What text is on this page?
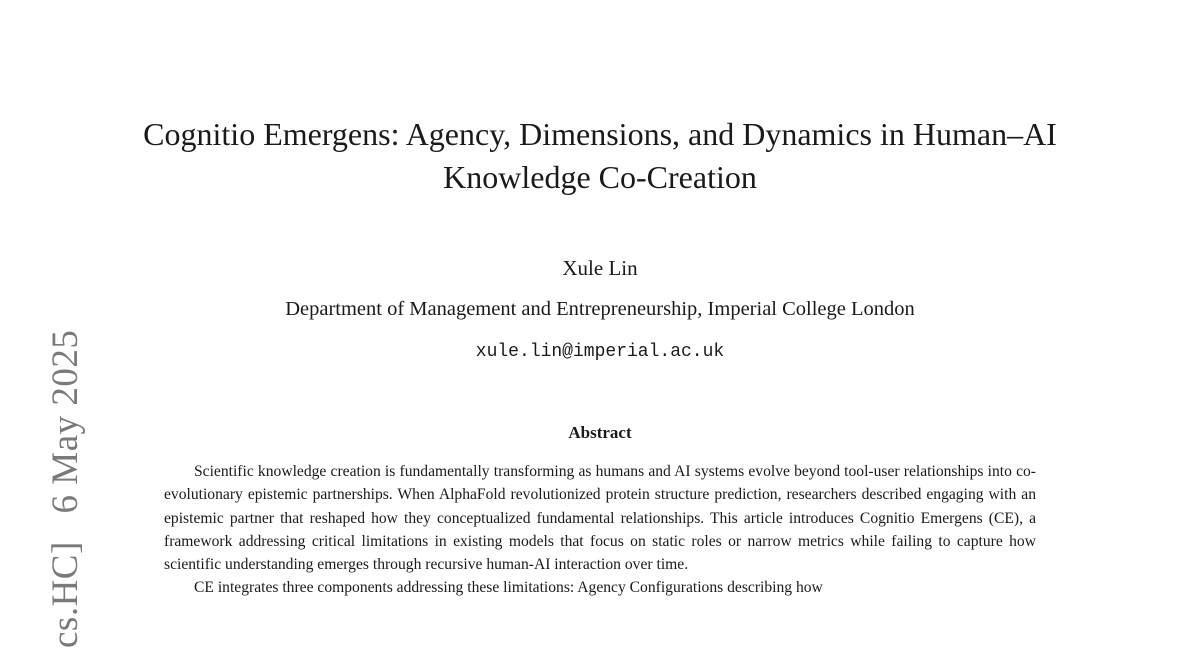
cs.HC] 6 May 2025
Cognitio Emergens: Agency, Dimensions, and Dynamics in Human–AI Knowledge Co-Creation
Xule Lin
Department of Management and Entrepreneurship, Imperial College London
xule.lin@imperial.ac.uk
Abstract

Scientific knowledge creation is fundamentally transforming as humans and AI systems evolve beyond tool-user relationships into co-evolutionary epistemic partnerships. When AlphaFold revolutionized protein structure prediction, researchers described engaging with an epistemic partner that reshaped how they conceptualized fundamental relationships. This article introduces Cognitio Emergens (CE), a framework addressing critical limitations in existing models that focus on static roles or narrow metrics while failing to capture how scientific understanding emerges through recursive human-AI interaction over time.

CE integrates three components addressing these limitations: Agency Configurations describing how
